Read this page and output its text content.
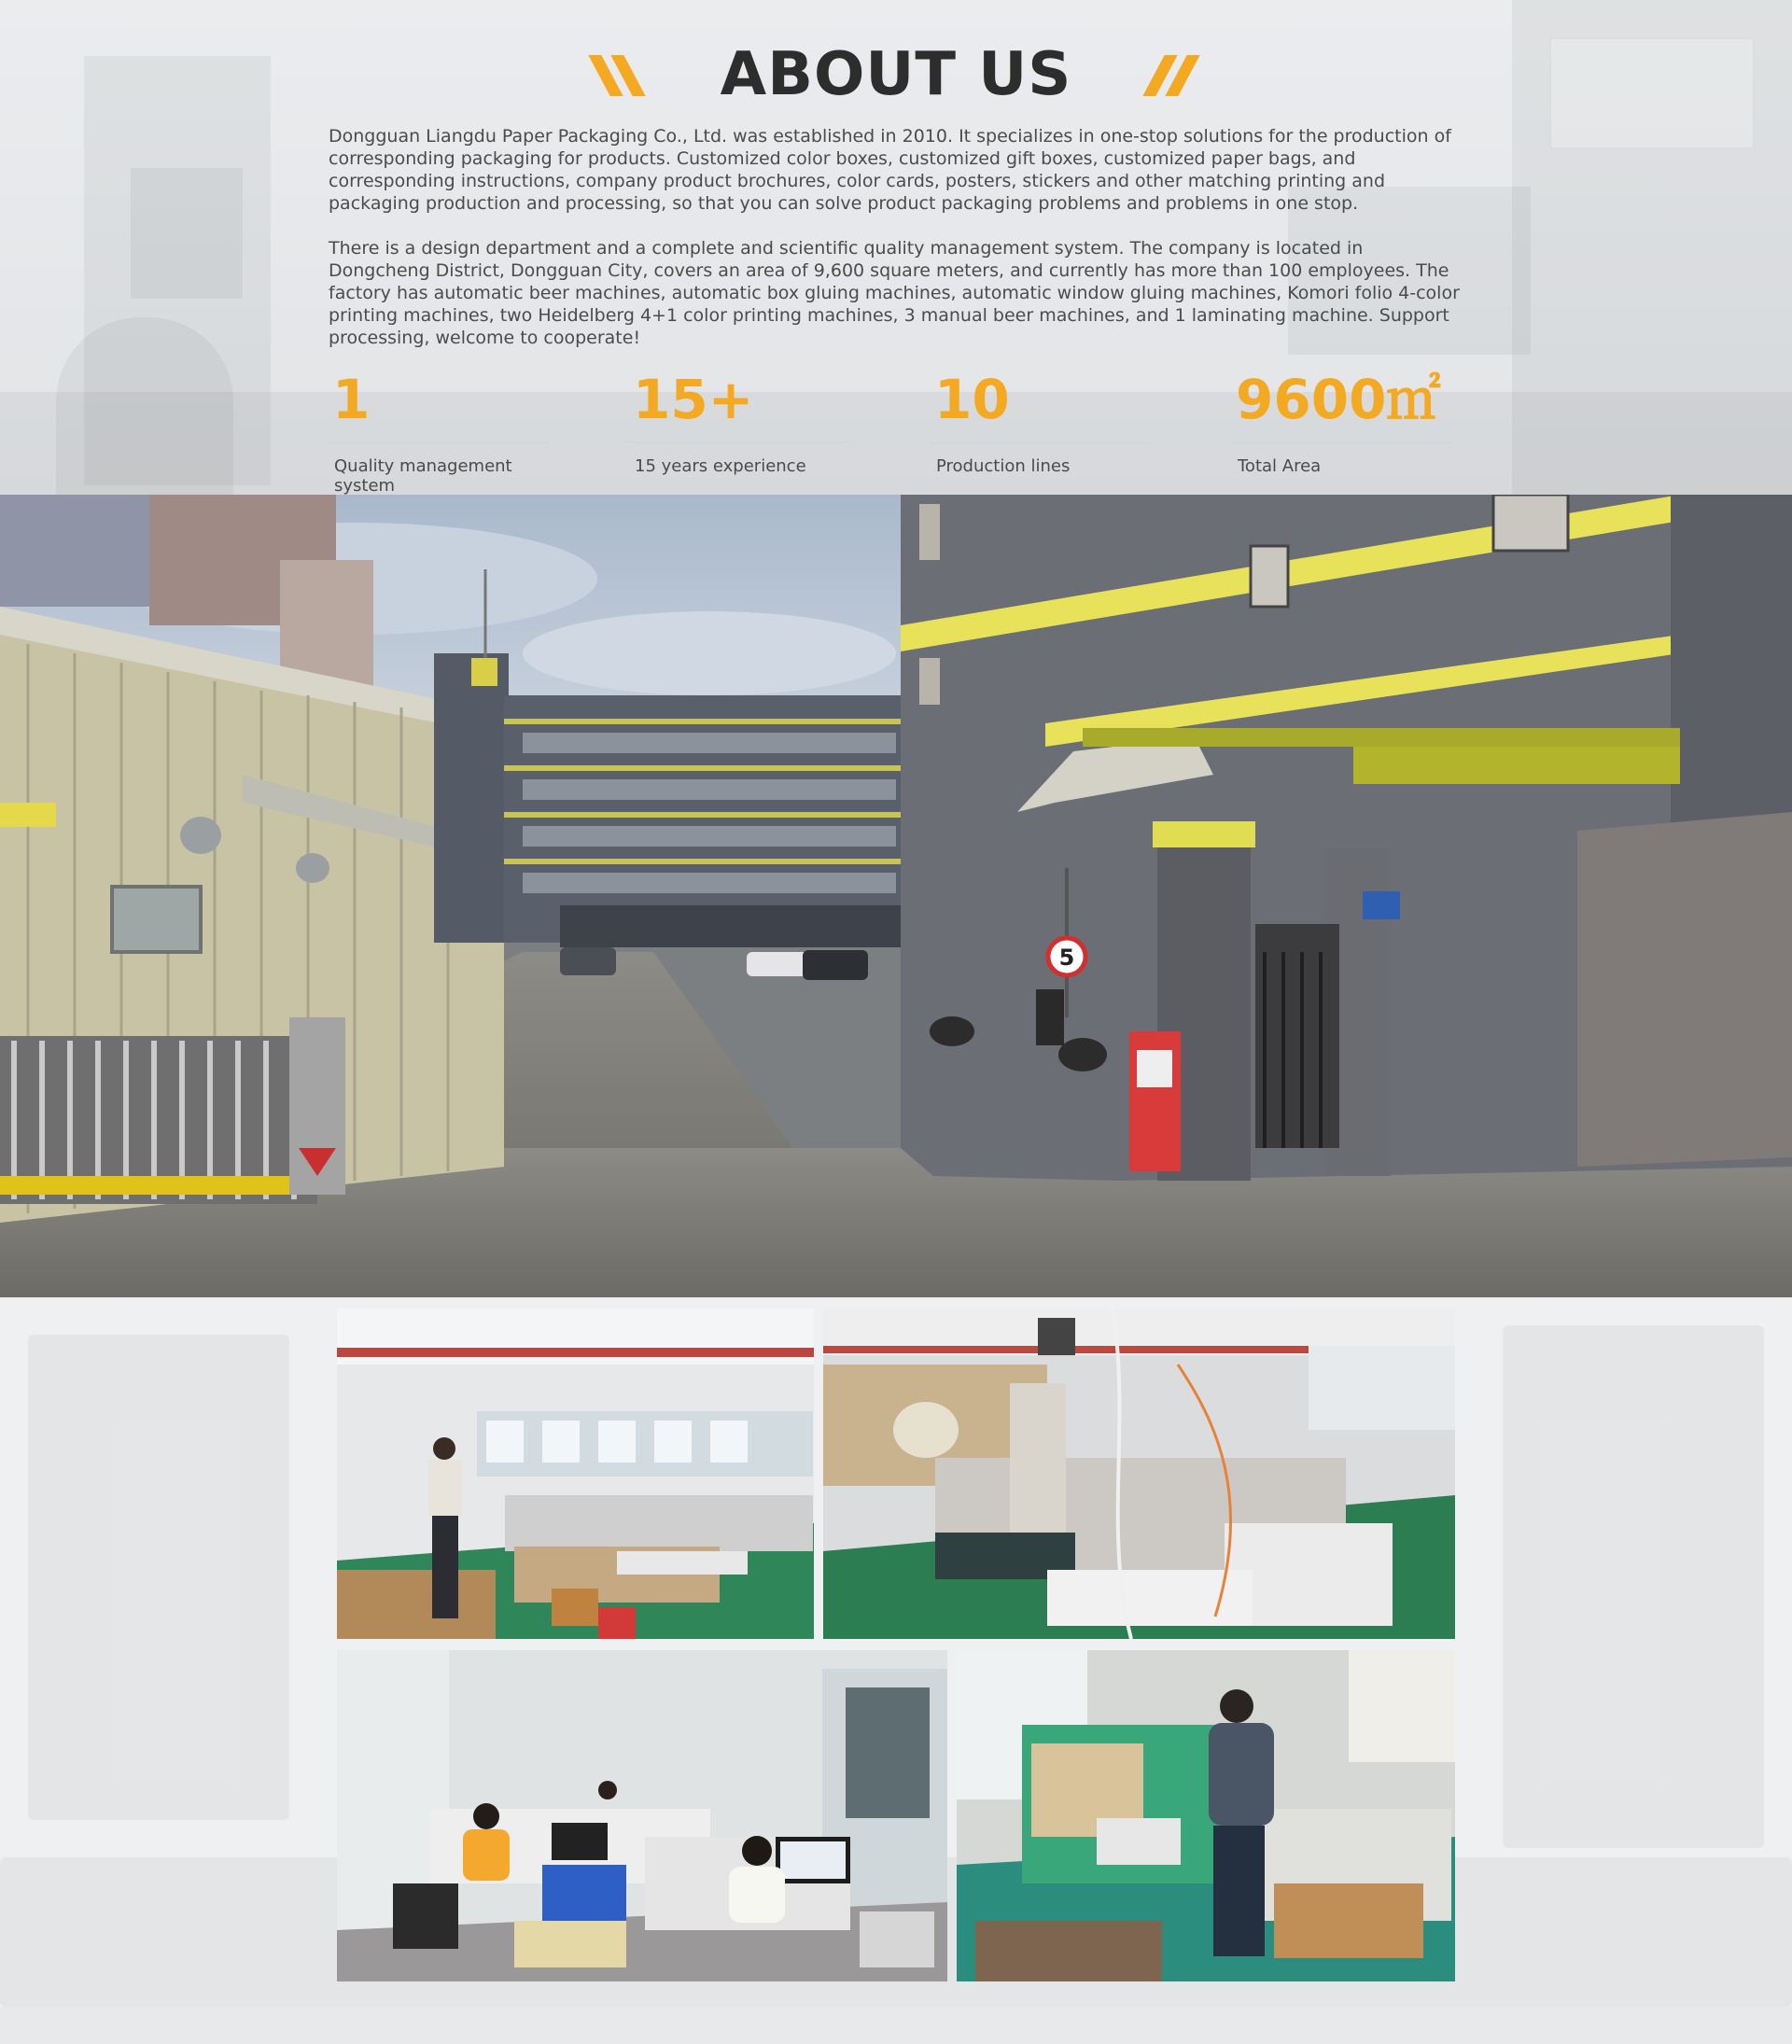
ABOUT US

Dongguan Liangdu Paper Packaging Co., Ltd. was established in 2010. It specializes in one-stop solutions for the production of corresponding packaging for products. Customized color boxes, customized gift boxes, customized paper bags, and corresponding instructions, company product brochures, color cards, posters, stickers and other matching printing and packaging production and processing, so that you can solve product packaging problems and problems in one stop.

There is a design department and a complete and scientific quality management system. The company is located in Dongcheng District, Dongguan City, covers an area of 9,600 square meters, and currently has more than 100 employees. The factory has automatic beer machines, automatic box gluing machines, automatic window gluing machines, Komori folio 4-color printing machines, two Heidelberg 4+1 color printing machines, 3 manual beer machines, and 1 laminating machine. Support processing, welcome to cooperate!

1
Quality management system
15+
15 years experience
10
Production lines
9600㎡
Total Area
5
